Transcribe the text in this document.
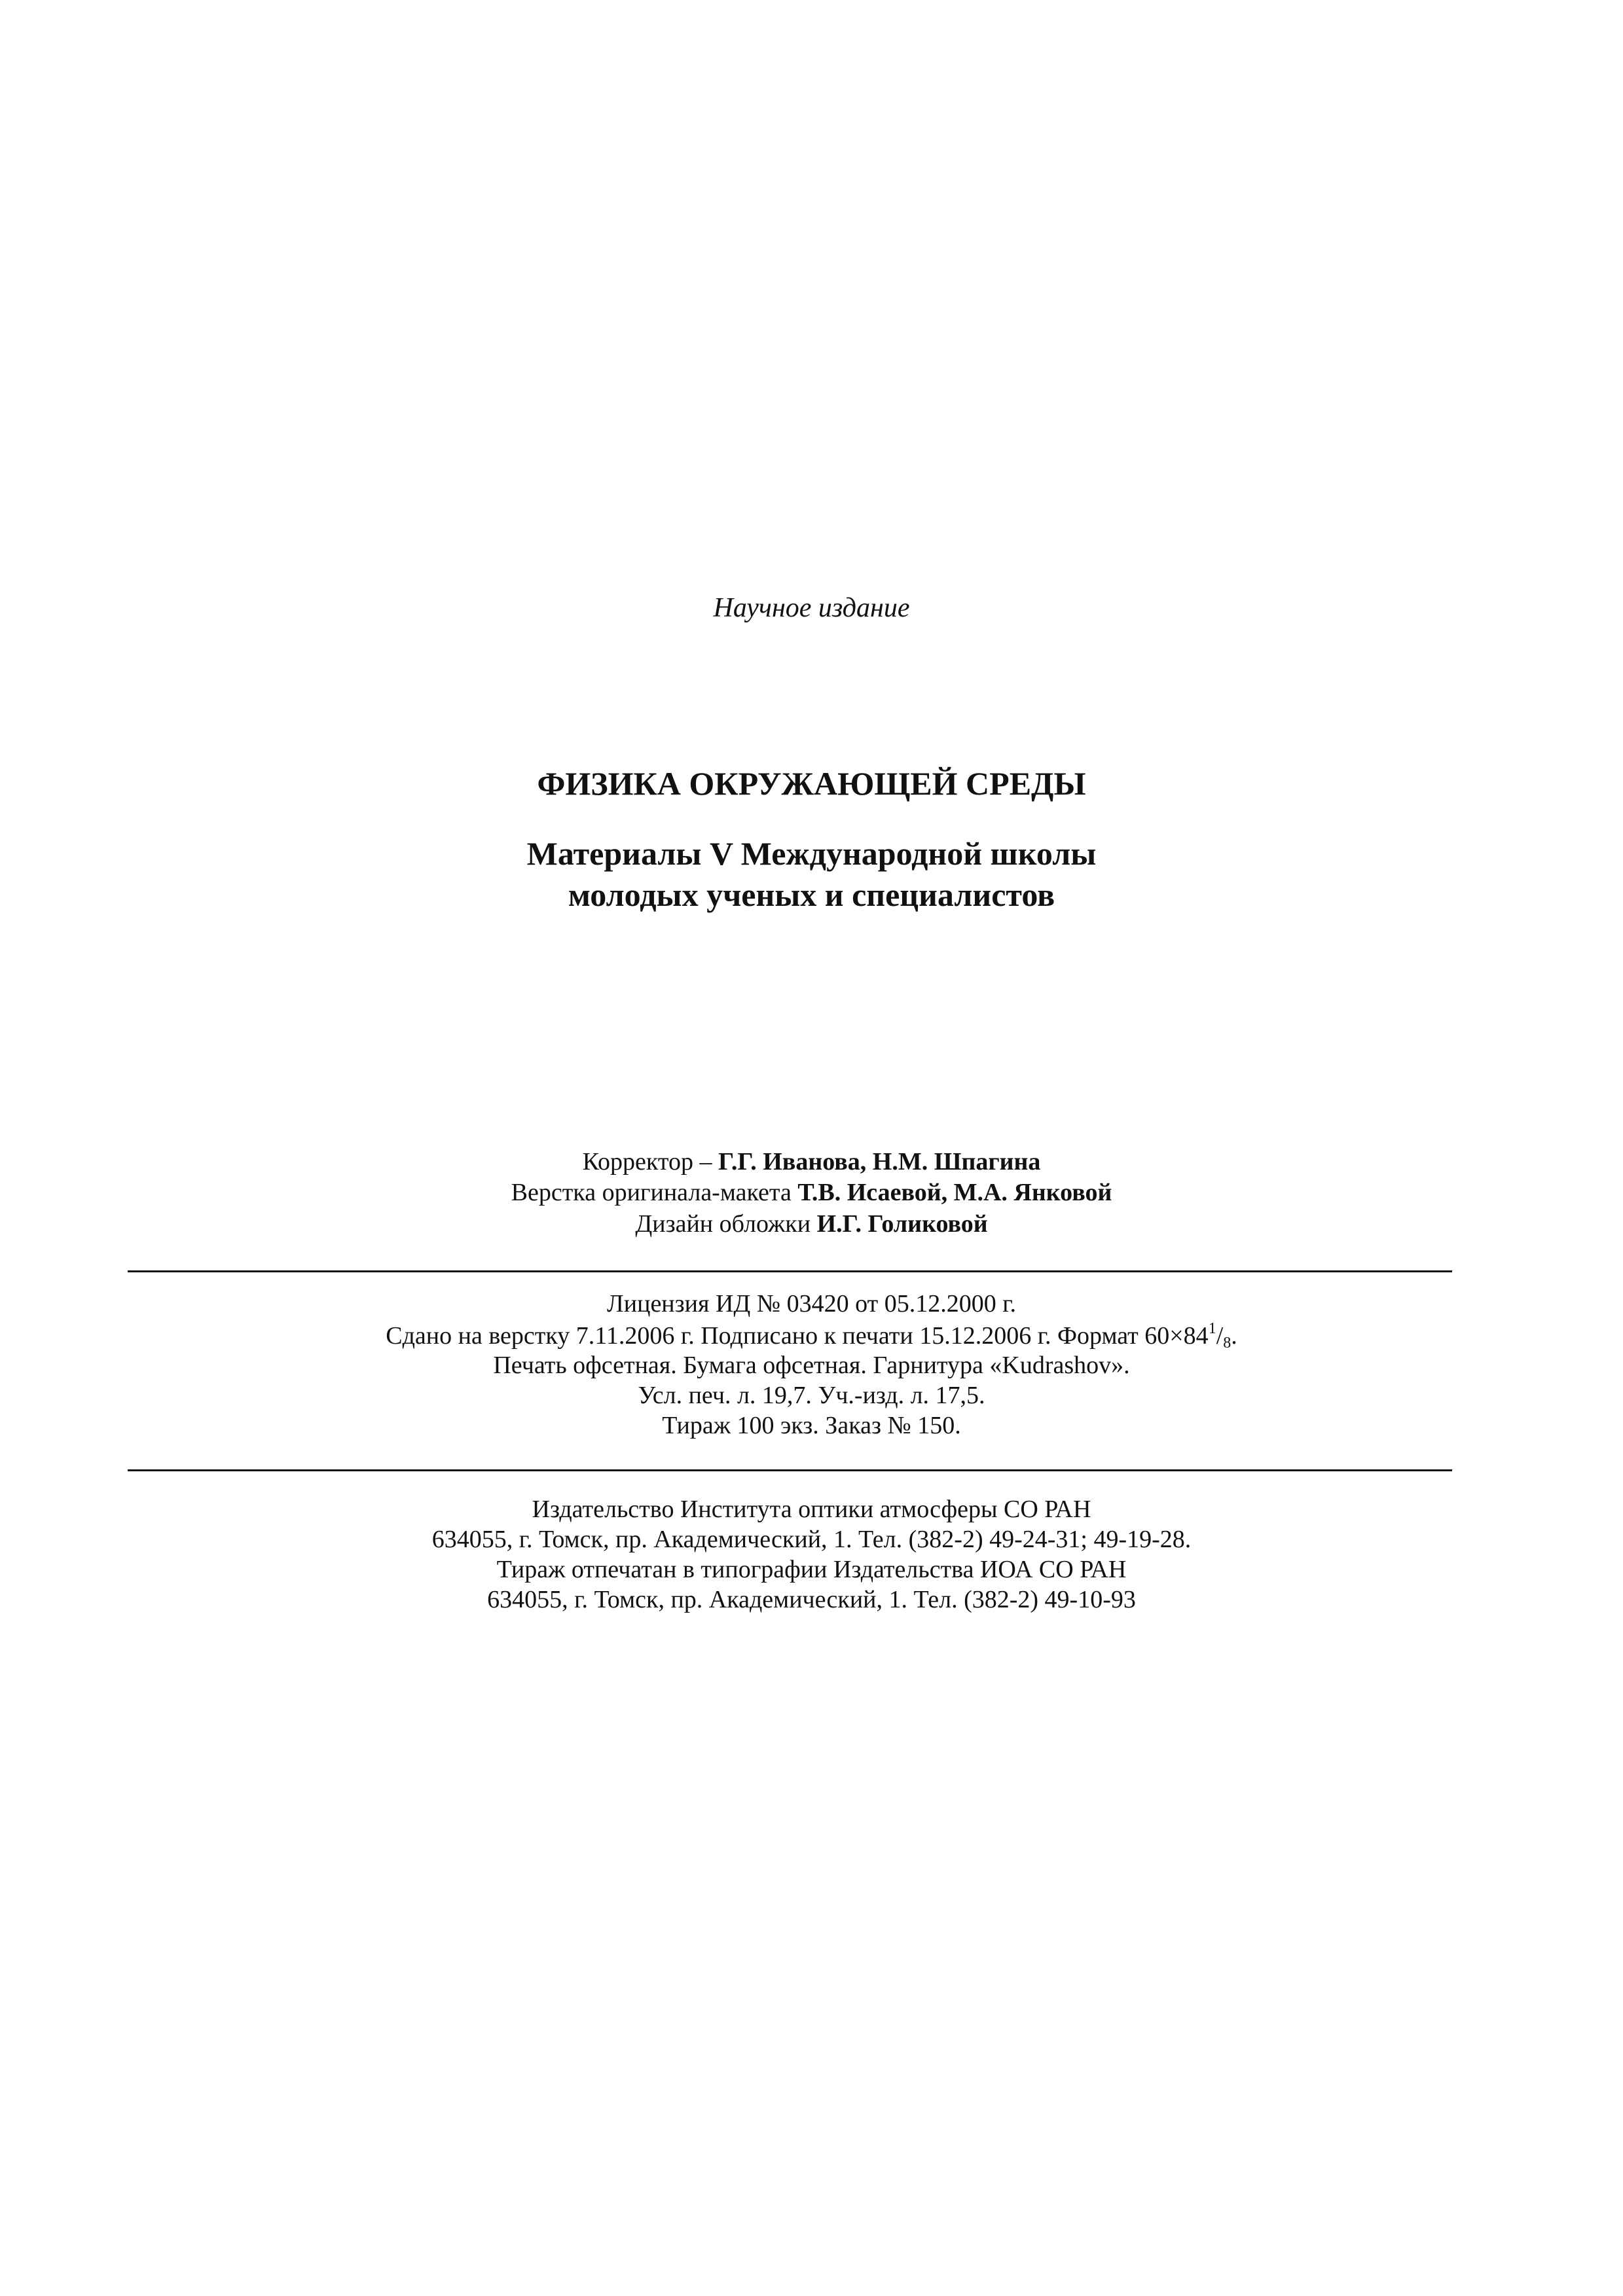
Научное издание
ФИЗИКА ОКРУЖАЮЩЕЙ СРЕДЫ
Материалы V Международной школы
молодых ученых и специалистов
Корректор – Г.Г. Иванова, Н.М. Шпагина
Верстка оригинала-макета Т.В. Исаевой, М.А. Янковой
Дизайн обложки И.Г. Голиковой
Лицензия ИД № 03420 от 05.12.2000 г.
Сдано на верстку 7.11.2006 г. Подписано к печати 15.12.2006 г. Формат $60\times 84^1/_8$.
Печать офсетная. Бумага офсетная. Гарнитура «Kudrashov».
Усл. печ. л. 19,7. Уч.-изд. л. 17,5.
Тираж 100 экз. Заказ № 150.
Издательство Института оптики атмосферы СО РАН
634055, г. Томск, пр. Академический, 1. Тел. (382-2) 49-24-31; 49-19-28.
Тираж отпечатан в типографии Издательства ИОА СО РАН
634055, г. Томск, пр. Академический, 1. Тел. (382-2) 49-10-93
